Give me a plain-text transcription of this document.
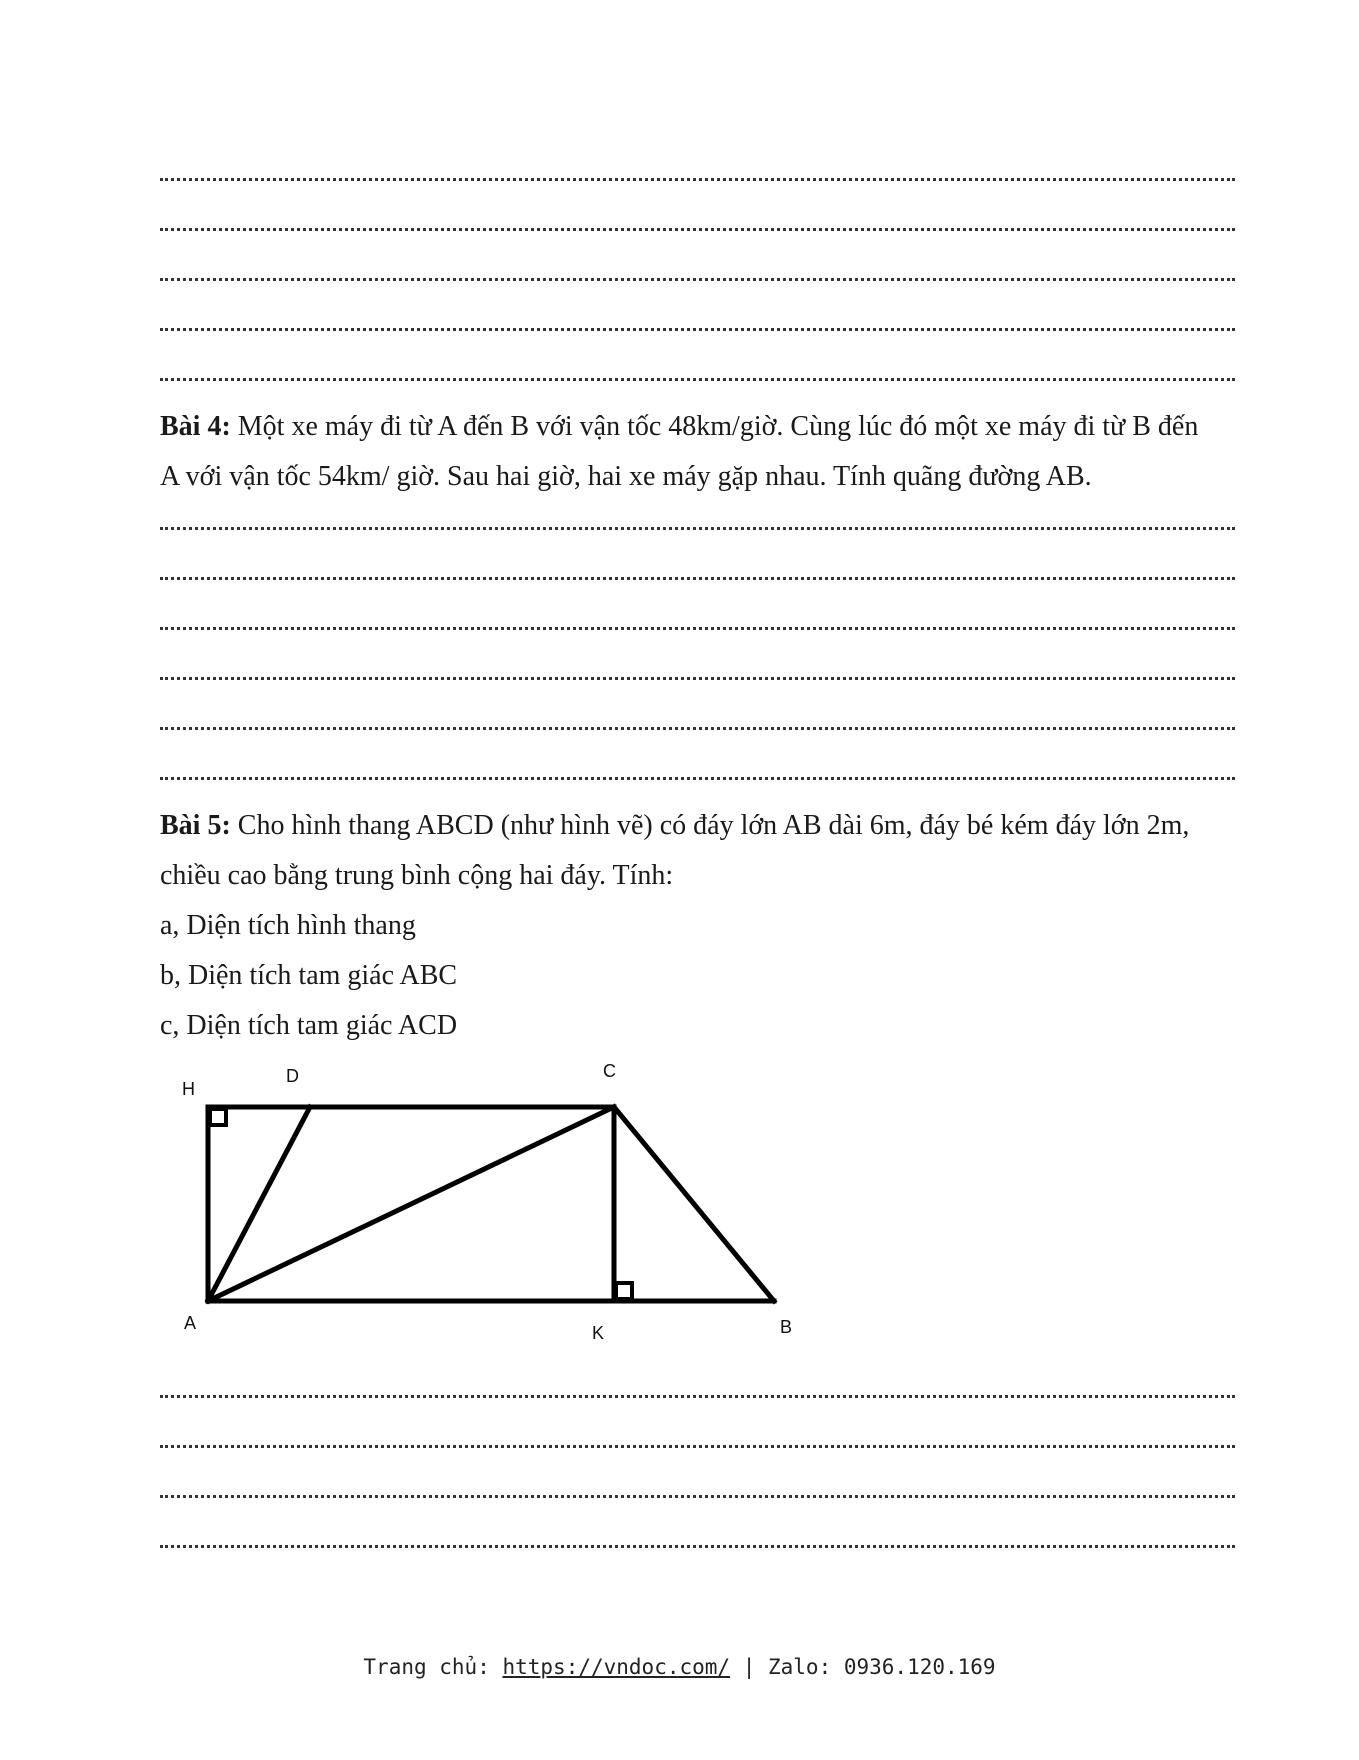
Bài 4: Một xe máy đi từ A đến B với vận tốc 48km/giờ. Cùng lúc đó một xe máy đi từ B đến
A với vận tốc 54km/ giờ. Sau hai giờ, hai xe máy gặp nhau. Tính quãng đường AB.

Bài 5: Cho hình thang ABCD (như hình vẽ) có đáy lớn AB dài 6m, đáy bé kém đáy lớn 2m,
chiều cao bằng trung bình cộng hai đáy. Tính:

a, Diện tích hình thang
b, Diện tích tam giác ABC
c, Diện tích tam giác ACD
H
D	C
A	K	B
Trang chủ: https://vndoc.com/ | Zalo: 0936.120.169
